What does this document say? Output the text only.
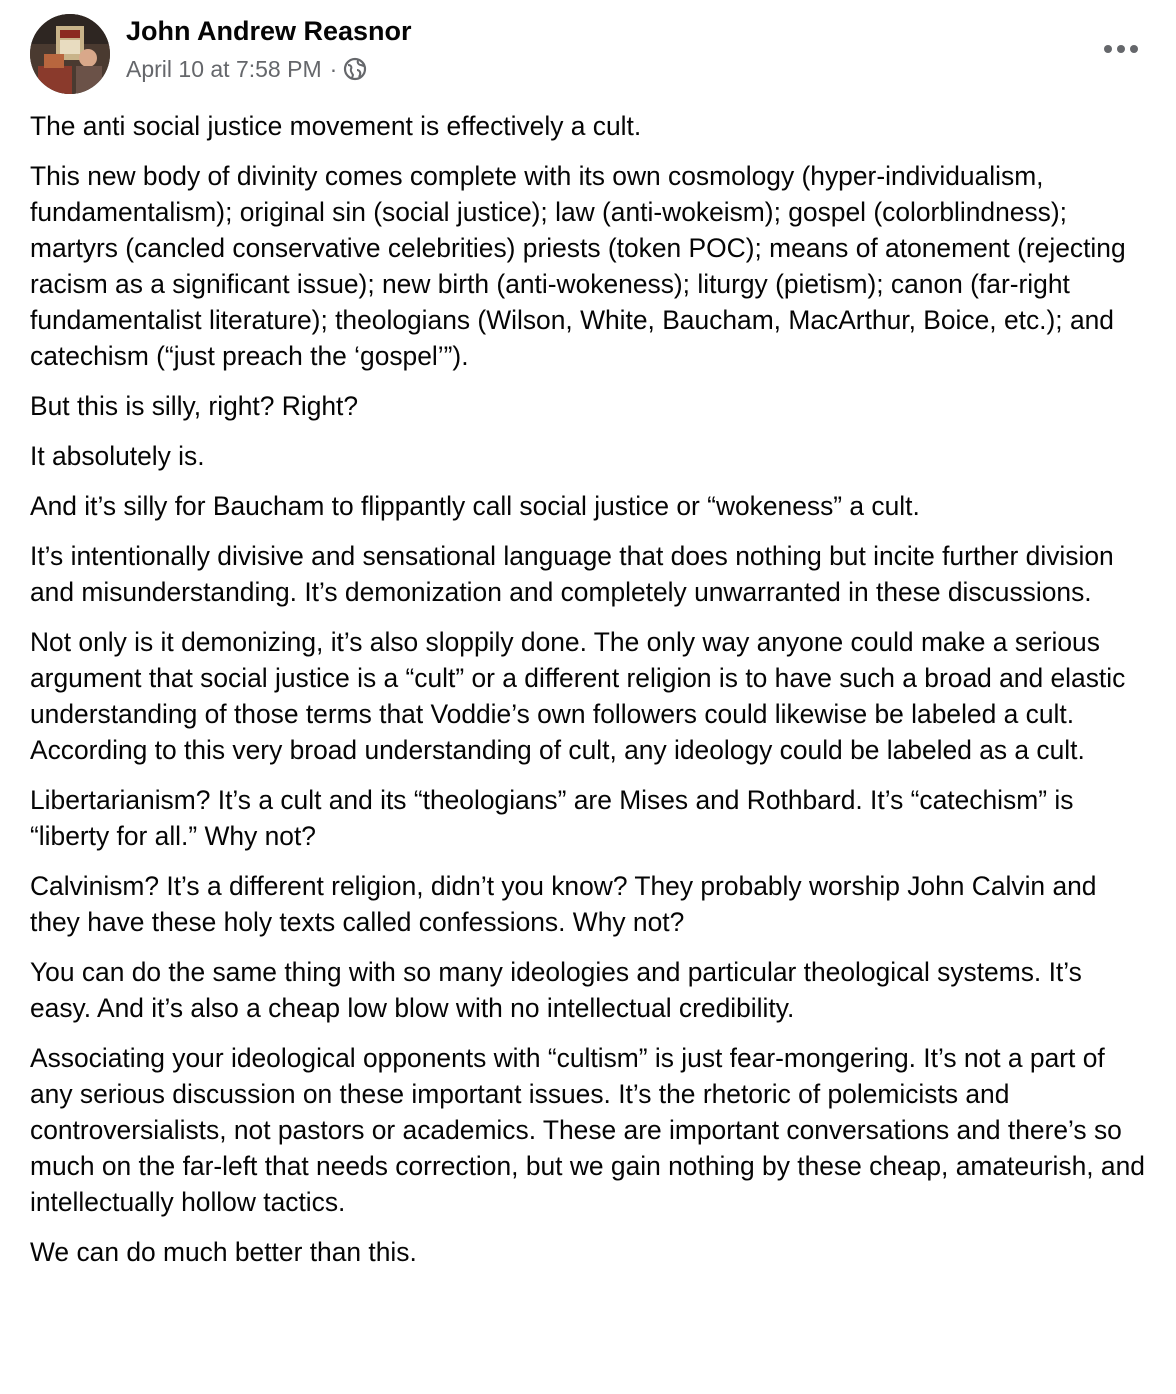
John Andrew Reasnor
April 10 at 7:58 PM ·

The anti social justice movement is effectively a cult.

This new body of divinity comes complete with its own cosmology (hyper-individualism, fundamentalism); original sin (social justice); law (anti-wokeism); gospel (colorblindness); martyrs (cancled conservative celebrities) priests (token POC); means of atonement (rejecting racism as a significant issue); new birth (anti-wokeness); liturgy (pietism); canon (far-right fundamentalist literature); theologians (Wilson, White, Baucham, MacArthur, Boice, etc.); and catechism (“just preach the ‘gospel’”).

But this is silly, right? Right?

It absolutely is.

And it’s silly for Baucham to flippantly call social justice or “wokeness” a cult.

It’s intentionally divisive and sensational language that does nothing but incite further division and misunderstanding. It’s demonization and completely unwarranted in these discussions.

Not only is it demonizing, it’s also sloppily done. The only way anyone could make a serious argument that social justice is a “cult” or a different religion is to have such a broad and elastic understanding of those terms that Voddie’s own followers could likewise be labeled a cult. According to this very broad understanding of cult, any ideology could be labeled as a cult.

Libertarianism? It’s a cult and its “theologians” are Mises and Rothbard. It’s “catechism” is “liberty for all.” Why not?

Calvinism? It’s a different religion, didn’t you know? They probably worship John Calvin and they have these holy texts called confessions. Why not?

You can do the same thing with so many ideologies and particular theological systems. It’s easy. And it’s also a cheap low blow with no intellectual credibility.

Associating your ideological opponents with “cultism” is just fear-mongering. It’s not a part of any serious discussion on these important issues. It’s the rhetoric of polemicists and controversialists, not pastors or academics. These are important conversations and there’s so much on the far-left that needs correction, but we gain nothing by these cheap, amateurish, and intellectually hollow tactics.

We can do much better than this.
